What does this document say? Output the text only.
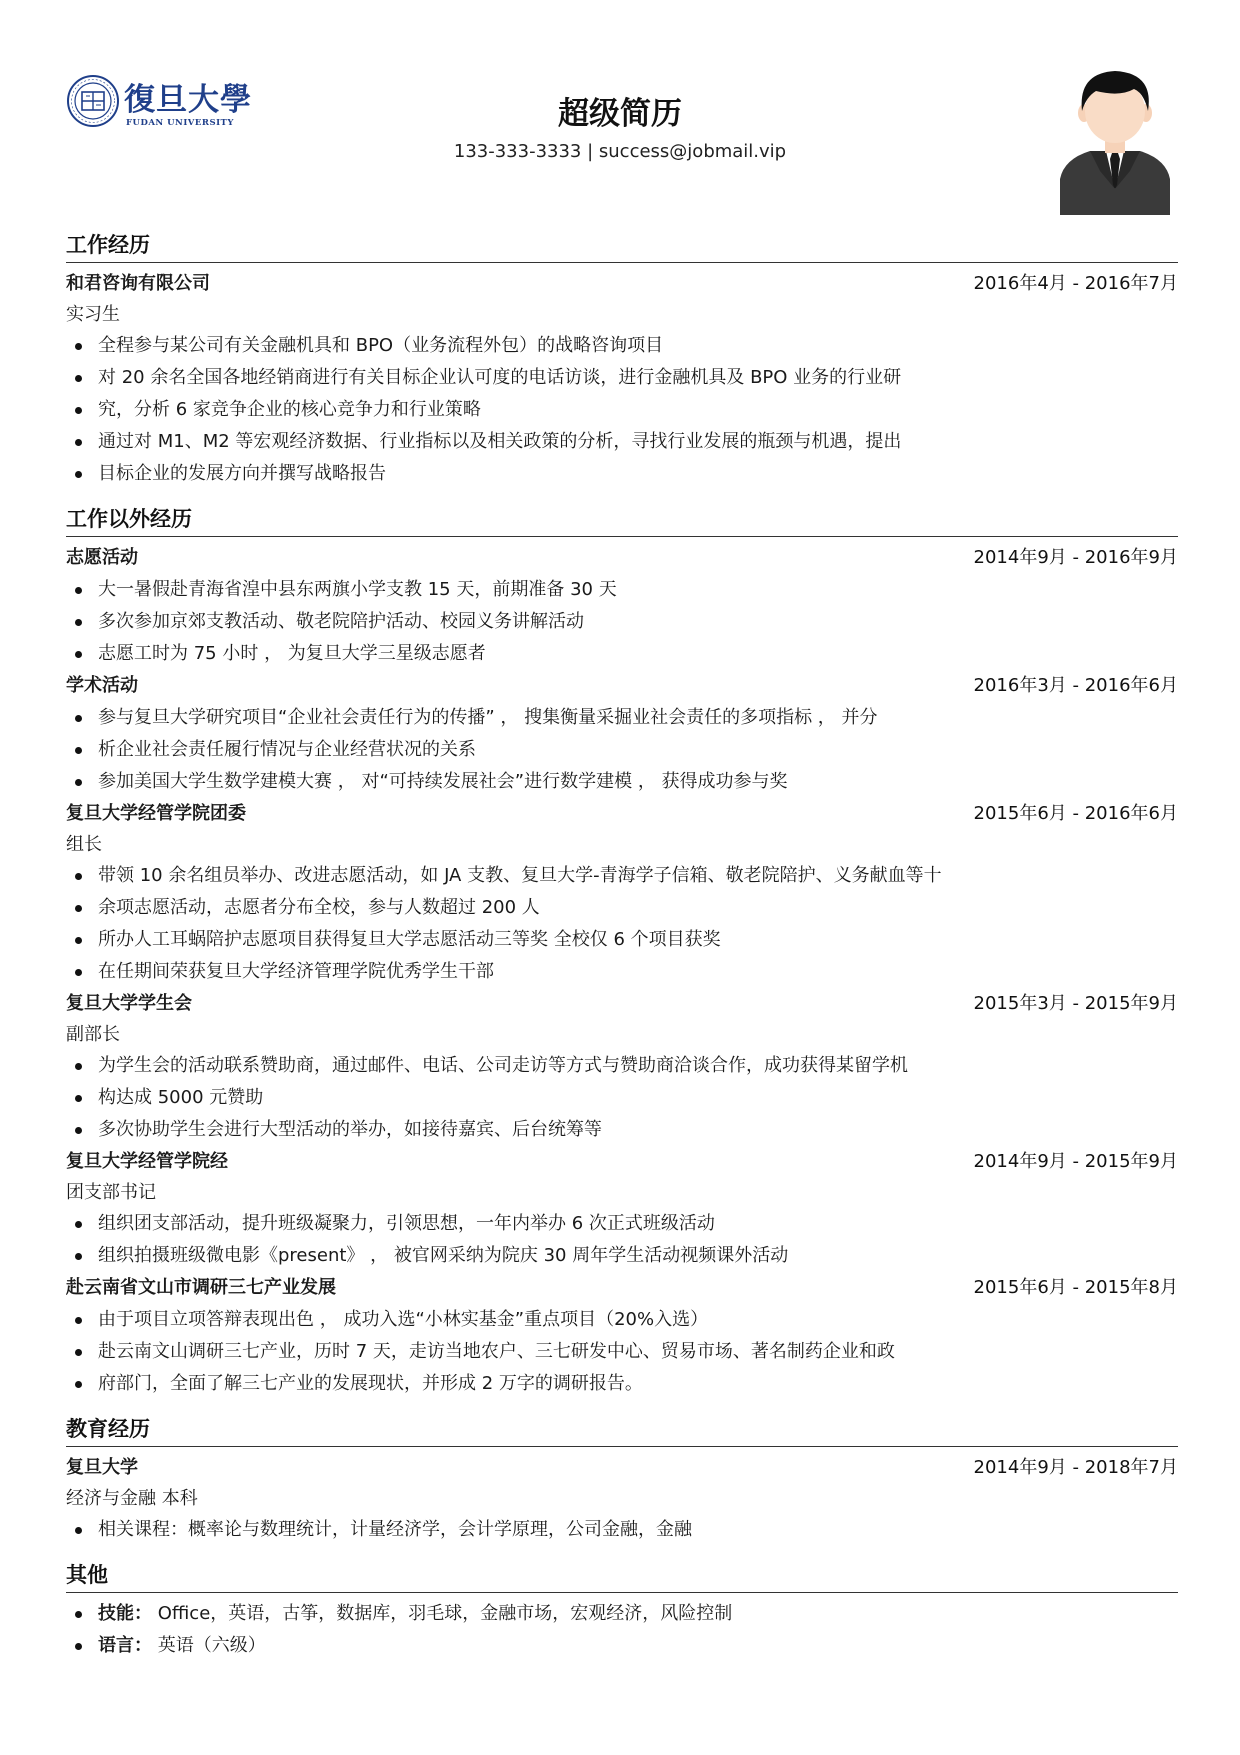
復旦大學
FUDAN UNIVERSITY	超级简历
133-333-3333 | success@jobmail.vip
工作经历
和君咨询有限公司	2016年4月 - 2016年7月
实习生
全程参与某公司有关金融机具和 BPO（业务流程外包）的战略咨询项目
对 20 余名全国各地经销商进行有关目标企业认可度的电话访谈，进行金融机具及 BPO 业务的行业研
究，分析 6 家竞争企业的核心竞争力和行业策略
通过对 M1、M2 等宏观经济数据、行业指标以及相关政策的分析，寻找行业发展的瓶颈与机遇，提出
目标企业的发展方向并撰写战略报告
工作以外经历
志愿活动	2014年9月 - 2016年9月
大一暑假赴青海省湟中县东两旗小学支教 15 天，前期准备 30 天
多次参加京郊支教活动、敬老院陪护活动、校园义务讲解活动
志愿工时为 75 小时 ， 为复旦大学三星级志愿者
学术活动	2016年3月 - 2016年6月
参与复旦大学研究项目“企业社会责任行为的传播” ， 搜集衡量采掘业社会责任的多项指标 ， 并分
析企业社会责任履行情况与企业经营状况的关系
参加美国大学生数学建模大赛 ， 对“可持续发展社会”进行数学建模 ， 获得成功参与奖
复旦大学经管学院团委	2015年6月 - 2016年6月
组长
带领 10 余名组员举办、改进志愿活动，如 JA 支教、复旦大学-青海学子信箱、敬老院陪护、义务献血等十
余项志愿活动，志愿者分布全校，参与人数超过 200 人
所办人工耳蜗陪护志愿项目获得复旦大学志愿活动三等奖 全校仅 6 个项目获奖
在任期间荣获复旦大学经济管理学院优秀学生干部
复旦大学学生会	2015年3月 - 2015年9月
副部长
为学生会的活动联系赞助商，通过邮件、电话、公司走访等方式与赞助商洽谈合作，成功获得某留学机
构达成 5000 元赞助
多次协助学生会进行大型活动的举办，如接待嘉宾、后台统筹等
复旦大学经管学院经	2014年9月 - 2015年9月
团支部书记
组织团支部活动，提升班级凝聚力，引领思想，一年内举办 6 次正式班级活动
组织拍摄班级微电影《present》 ， 被官网采纳为院庆 30 周年学生活动视频课外活动
赴云南省文山市调研三七产业发展	2015年6月 - 2015年8月
由于项目立项答辩表现出色 ， 成功入选“小林实基金”重点项目（20%入选）
赴云南文山调研三七产业，历时 7 天，走访当地农户、三七研发中心、贸易市场、著名制药企业和政
府部门，全面了解三七产业的发展现状，并形成 2 万字的调研报告。
教育经历
复旦大学	2014年9月 - 2018年7月
经济与金融 本科
相关课程：概率论与数理统计，计量经济学，会计学原理，公司金融，金融
其他
技能： Office，英语，古筝，数据库，羽毛球，金融市场，宏观经济，风险控制
语言： 英语（六级）
